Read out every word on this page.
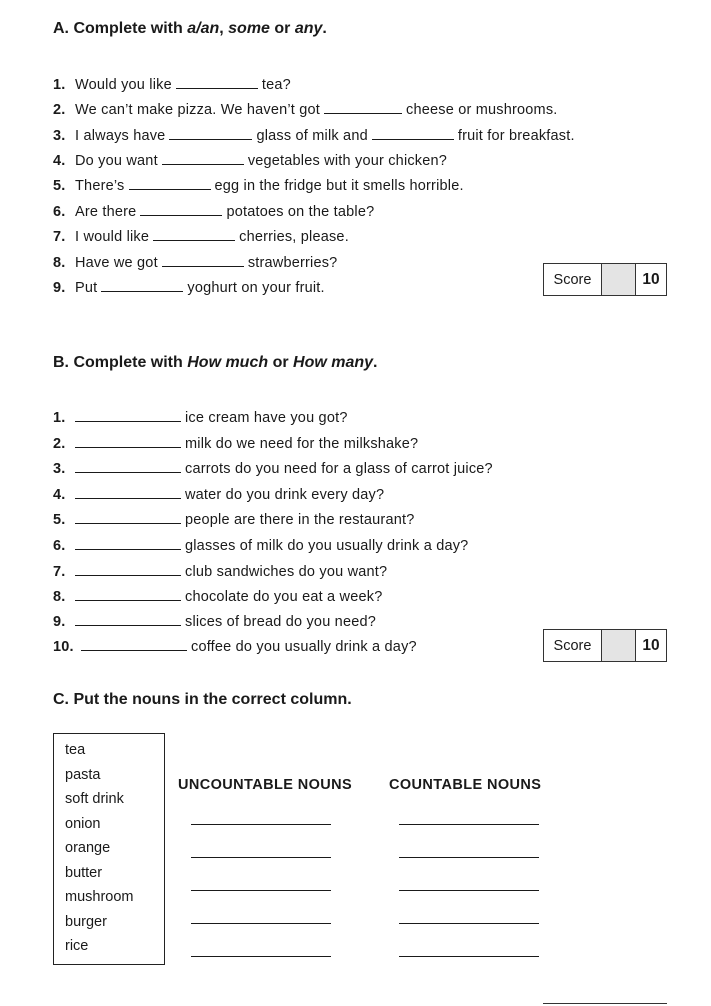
A. Complete with a/an, some or any.
1. Would you like	tea?
2. We can’t make pizza. We haven’t got	cheese or mushrooms.
3. I always have	glass of milk and	fruit for breakfast.
4. Do you want	vegetables with your chicken?
5. There’s	egg in the fridge but it smells horrible.
6. Are there	potatoes on the table?
7. I would like	cherries, please.
8. Have we got	strawberries?
9. Put	yoghurt on your fruit.
Score	10
B. Complete with How much or How many.
1.	ice cream have you got?
2.	milk do we need for the milkshake?
3.	carrots do you need for a glass of carrot juice?
4.	water do you drink every day?
5.	people are there in the restaurant?
6.	glasses of milk do you usually drink a day?
7.	club sandwiches do you want?
8.	chocolate do you eat a week?
9.	slices of bread do you need?
10.	coffee do you usually drink a day?	Score	10
C. Put the nouns in the correct column.
tea
pasta
soft drink
onion
orange
butter
mushroom
burger
rice
UNCOUNTABLE NOUNS	COUNTABLE NOUNS
